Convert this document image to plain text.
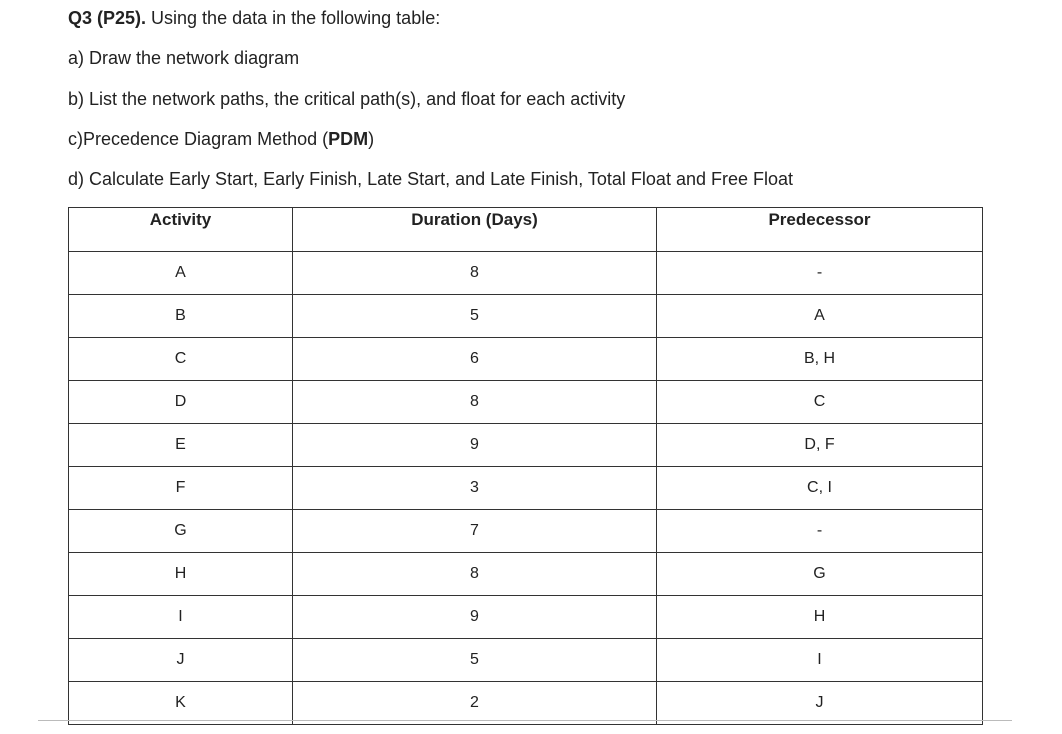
Q3 (P25). Using the data in the following table:
a) Draw the network diagram
b) List the network paths, the critical path(s), and float for each activity
c)Precedence Diagram Method (PDM)
d) Calculate Early Start, Early Finish, Late Start, and Late Finish, Total Float and Free Float
Activity	Duration (Days)	Predecessor
A	8	-
B	5	A
C	6	B, H
D	8	C
E	9	D, F
F	3	C, I
G	7	-
H	8	G
I	9	H
J	5	I
K	2	J
